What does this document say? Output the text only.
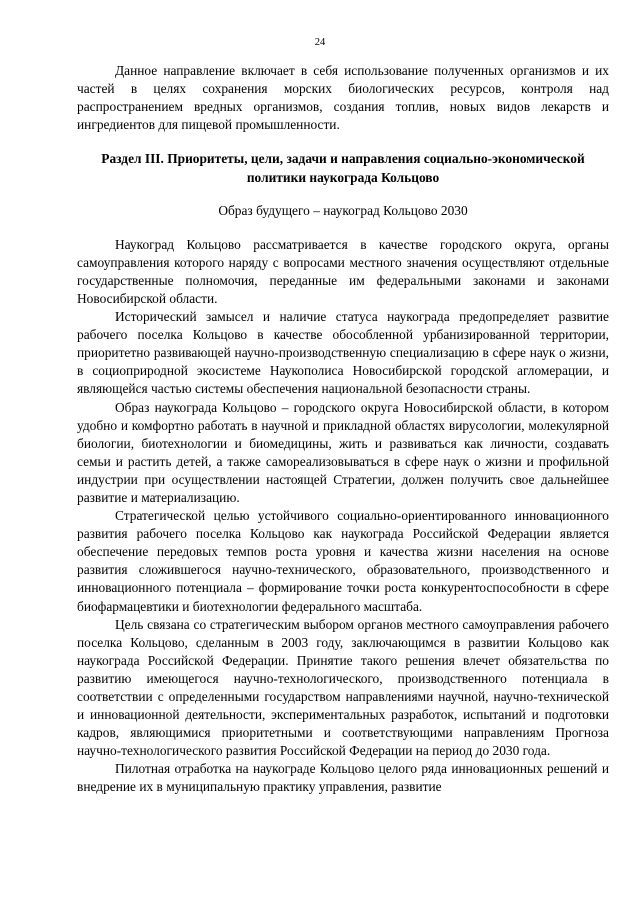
24

Данное направление включает в себя использование полученных организмов и их частей в целях сохранения морских биологических ресурсов, контроля над распространением вредных организмов, создания топлив, новых видов лекарств и ингредиентов для пищевой промышленности.

Раздел III. Приоритеты, цели, задачи и направления социально-экономической политики наукограда Кольцово
Образ будущего – наукоград Кольцово 2030

Наукоград Кольцово рассматривается в качестве городского округа, органы самоуправления которого наряду с вопросами местного значения осуществляют отдельные государственные полномочия, переданные им федеральными законами и законами Новосибирской области.

Исторический замысел и наличие статуса наукограда предопределяет развитие рабочего поселка Кольцово в качестве обособленной урбанизированной территории, приоритетно развивающей научно-производственную специализацию в сфере наук о жизни, в социоприродной экосистеме Наукополиса Новосибирской городской агломерации, и являющейся частью системы обеспечения национальной безопасности страны.

Образ наукограда Кольцово – городского округа Новосибирской области, в котором удобно и комфортно работать в научной и прикладной областях вирусологии, молекулярной биологии, биотехнологии и биомедицины, жить и развиваться как личности, создавать семьи и растить детей, а также самореализовываться в сфере наук о жизни и профильной индустрии при осуществлении настоящей Стратегии, должен получить свое дальнейшее развитие и материализацию.

Стратегической целью устойчивого социально-ориентированного инновационного развития рабочего поселка Кольцово как наукограда Российской Федерации является обеспечение передовых темпов роста уровня и качества жизни населения на основе развития сложившегося научно-технического, образовательного, производственного и инновационного потенциала – формирование точки роста конкурентоспособности в сфере биофармацевтики и биотехнологии федерального масштаба.

Цель связана со стратегическим выбором органов местного самоуправления рабочего поселка Кольцово, сделанным в 2003 году, заключающимся в развитии Кольцово как наукограда Российской Федерации. Принятие такого решения влечет обязательства по развитию имеющегося научно-технологического, производственного потенциала в соответствии с определенными государством направлениями научной, научно-технической и инновационной деятельности, экспериментальных разработок, испытаний и подготовки кадров, являющимися приоритетными и соответствующими направлениям Прогноза научно-технологического развития Российской Федерации на период до 2030 года.

Пилотная отработка на наукограде Кольцово целого ряда инновационных решений и внедрение их в муниципальную практику управления, развитие
